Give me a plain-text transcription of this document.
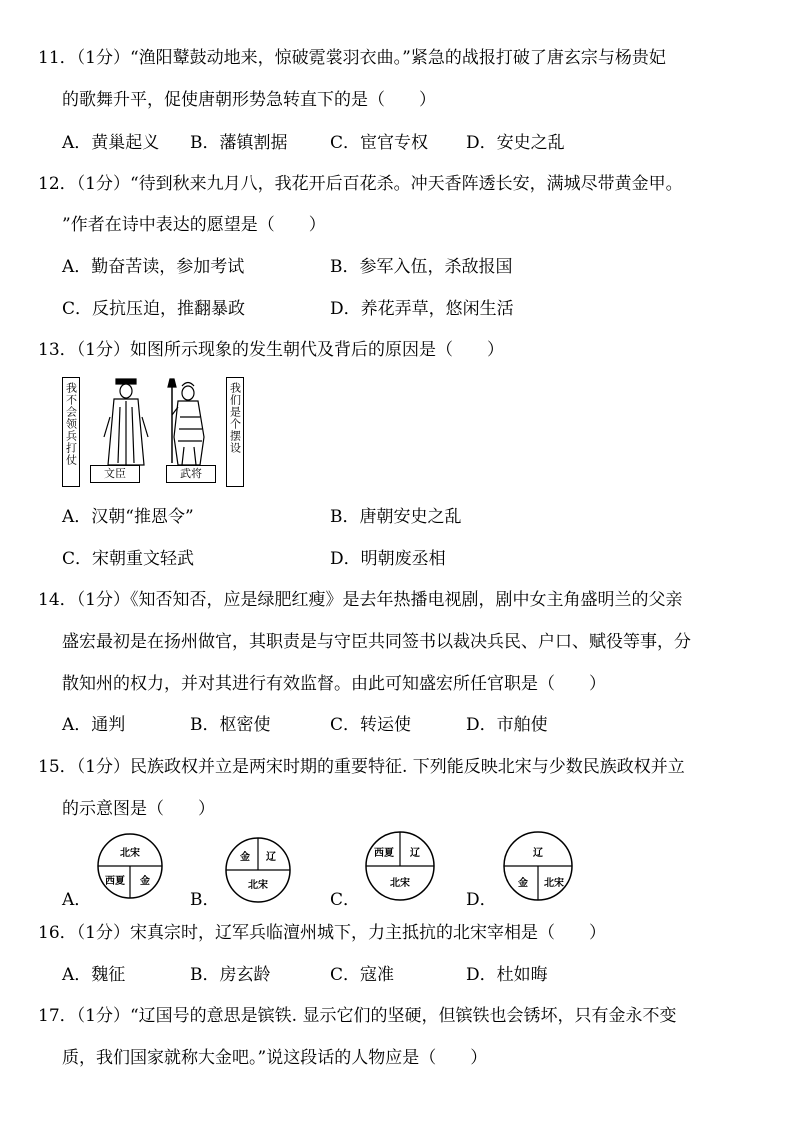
11．（1分）“渔阳鼙鼓动地来，惊破霓裳羽衣曲。”紧急的战报打破了唐玄宗与杨贵妃
的歌舞升平，促使唐朝形势急转直下的是（　　）
A．黄巢起义 B．藩镇割据	C．宦官专权 D．安史之乱
12．（1分）“待到秋来九月八，我花开后百花杀。冲天香阵透长安，满城尽带黄金甲。
”作者在诗中表达的愿望是（　　）
A．勤奋苦读，参加考试	B．参军入伍，杀敌报国
C．反抗压迫，推翻暴政	D．养花弄草，悠闲生活
13．（1分）如图所示现象的发生朝代及背后的原因是（　　）
我不会领兵打仗
文臣	武将
我们是个摆设
A．汉朝“推恩令”	B．唐朝安史之乱
C．宋朝重文轻武	D．明朝废丞相
14．（1分）《知否知否，应是绿肥红瘦》是去年热播电视剧，剧中女主角盛明兰的父亲
盛宏最初是在扬州做官，其职责是与守臣共同签书以裁决兵民、户口、赋役等事，分
散知州的权力，并对其进行有效监督。由此可知盛宏所任官职是（　　）
A．通判	B．枢密使	C．转运使	D．市舶使
15．（1分）民族政权并立是两宋时期的重要特征. 下列能反映北宋与少数民族政权并立
的示意图是（　　）
A．
北宋
西夏 金
B．
金 辽
北宋
C．
西夏 辽
北宋
D．
辽
金 北宋
16．（1分）宋真宗时，辽军兵临澶州城下，力主抵抗的北宋宰相是（　　）
A．魏征	B．房玄龄	C．寇准	D．杜如晦
17．（1分）“辽国号的意思是镔铁. 显示它们的坚硬，但镔铁也会锈坏，只有金永不变
质，我们国家就称大金吧。”说这段话的人物应是（　　）
